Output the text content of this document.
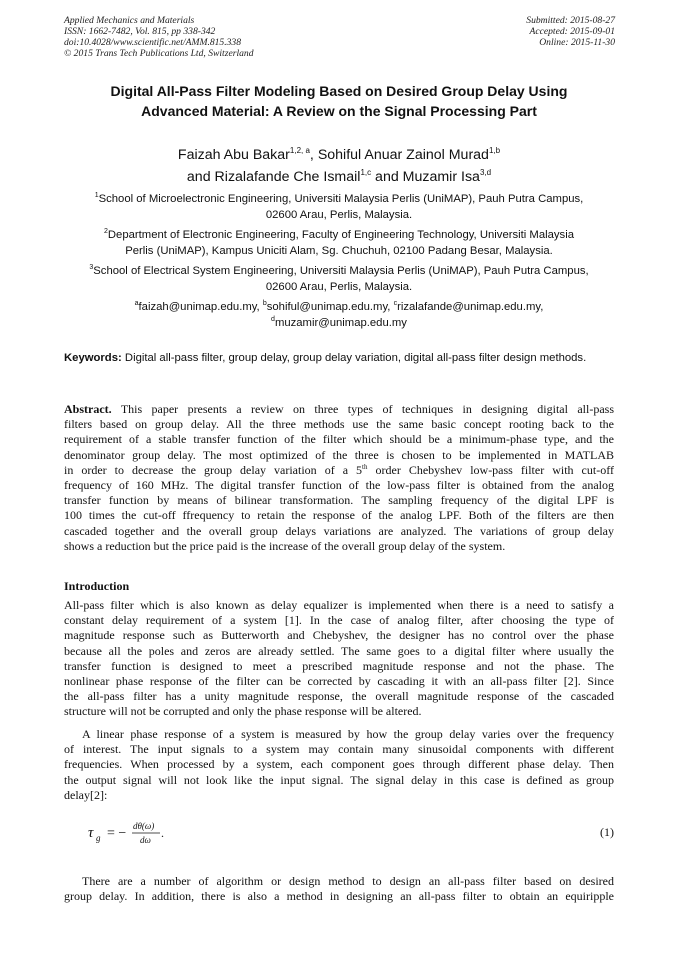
Applied Mechanics and Materials
ISSN: 1662-7482, Vol. 815, pp 338-342
doi:10.4028/www.scientific.net/AMM.815.338
© 2015 Trans Tech Publications Ltd, Switzerland
Submitted: 2015-08-27
Accepted: 2015-09-01
Online: 2015-11-30
Digital All-Pass Filter Modeling Based on Desired Group Delay Using
Advanced Material: A Review on the Signal Processing Part
Faizah Abu Bakar$^{1,2, a}$, Sohiful Anuar Zainol Murad$^{1,b}$
and Rizalafande Che Ismail$^{1,c}$ and Muzamir Isa$^{3,d}$
$^1$School of Microelectronic Engineering, Universiti Malaysia Perlis (UniMAP), Pauh Putra Campus,
02600 Arau, Perlis, Malaysia.
$^2$Department of Electronic Engineering, Faculty of Engineering Technology, Universiti Malaysia
Perlis (UniMAP), Kampus Uniciti Alam, Sg. Chuchuh, 02100 Padang Besar, Malaysia.
$^3$School of Electrical System Engineering, Universiti Malaysia Perlis (UniMAP), Pauh Putra Campus,
02600 Arau, Perlis, Malaysia.
$^a$faizah@unimap.edu.my, $^b$sohiful@unimap.edu.my, $^c$rizalafande@unimap.edu.my,
$^d$muzamir@unimap.edu.my
Keywords: Digital all-pass filter, group delay, group delay variation, digital all-pass filter design methods.
Abstract. This paper presents a review on three types of techniques in designing digital all-pass
filters based on group delay. All the three methods use the same basic concept rooting back to the
requirement of a stable transfer function of the filter which should be a minimum-phase type, and the
denominator group delay. The most optimized of the three is chosen to be implemented in MATLAB
in order to decrease the group delay variation of a 5th order Chebyshev low-pass filter with cut-off
frequency of 160 MHz. The digital transfer function of the low-pass filter is obtained from the analog
transfer function by means of bilinear transformation. The sampling frequency of the digital LPF is
100 times the cut-off ffrequency to retain the response of the analog LPF. Both of the filters are then
cascaded together and the overall group delays variations are analyzed. The variations of group delay
shows a reduction but the price paid is the increase of the overall group delay of the system.
Introduction
All-pass filter which is also known as delay equalizer is implemented when there is a need to satisfy a
constant delay requirement of a system [1]. In the case of analog filter, after choosing the type of
magnitude response such as Butterworth and Chebyshev, the designer has no control over the phase
because all the poles and zeros are already settled. The same goes to a digital filter where usually the
transfer function is designed to meet a prescribed magnitude response and not the phase. The
nonlinear phase response of the filter can be corrected by cascading it with an all-pass filter [2]. Since
the all-pass filter has a unity magnitude response, the overall magnitude response of the cascaded
structure will not be corrupted and only the phase response will be altered.
A linear phase response of a system is measured by how the group delay varies over the frequency
of interest. The input signals to a system may contain many sinusoidal components with different
frequencies. When processed by a system, each component goes through different phase delay. Then
the output signal will not look like the input signal. The signal delay in this case is defined as group
delay[2]:
τ g = − dθ(ω)
dω .	(1)
There are a number of algorithm or design method to design an all-pass filter based on desired
group delay. In addition, there is also a method in designing an all-pass filter to obtain an equiripple
